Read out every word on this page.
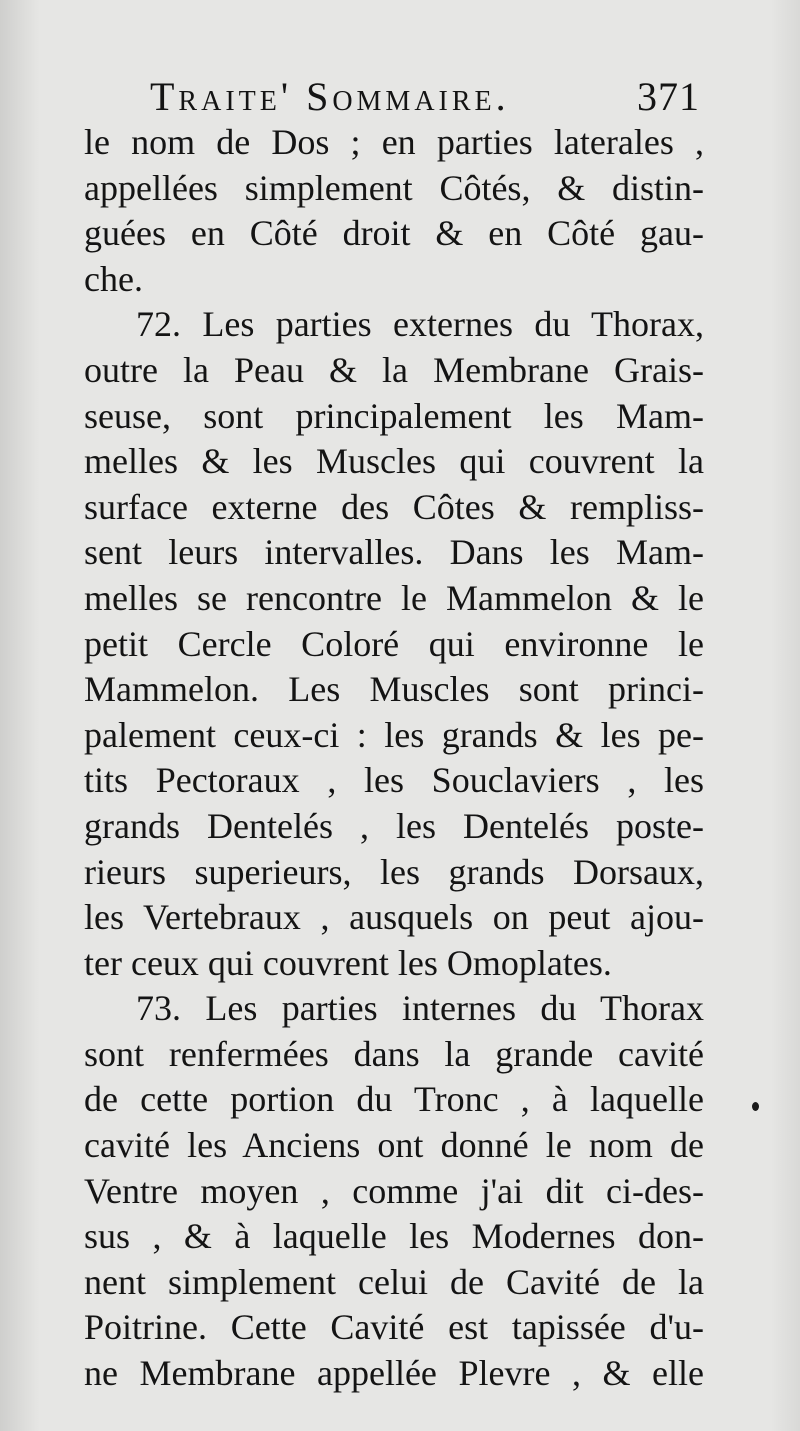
Traite' Sommaire.	371
le nom de Dos ; en parties laterales ,
appellées simplement Côtés, & distin-
guées en Côté droit & en Côté gau-
che.
72. Les parties externes du Thorax,
outre la Peau & la Membrane Grais-
seuse, sont principalement les Mam-
melles & les Muscles qui couvrent la
surface externe des Côtes & rempliss-
sent leurs intervalles. Dans les Mam-
melles se rencontre le Mammelon & le
petit Cercle Coloré qui environne le
Mammelon. Les Muscles sont princi-
palement ceux-ci : les grands & les pe-
tits Pectoraux , les Souclaviers , les
grands Dentelés , les Dentelés poste-
rieurs superieurs, les grands Dorsaux,
les Vertebraux , ausquels on peut ajou-
ter ceux qui couvrent les Omoplates.
73. Les parties internes du Thorax
sont renfermées dans la grande cavité
de cette portion du Tronc , à laquelle
cavité les Anciens ont donné le nom de
Ventre moyen , comme j'ai dit ci-des-
sus , & à laquelle les Modernes don-
nent simplement celui de Cavité de la
Poitrine. Cette Cavité est tapissée d'u-
ne Membrane appellée Plevre , & elle
